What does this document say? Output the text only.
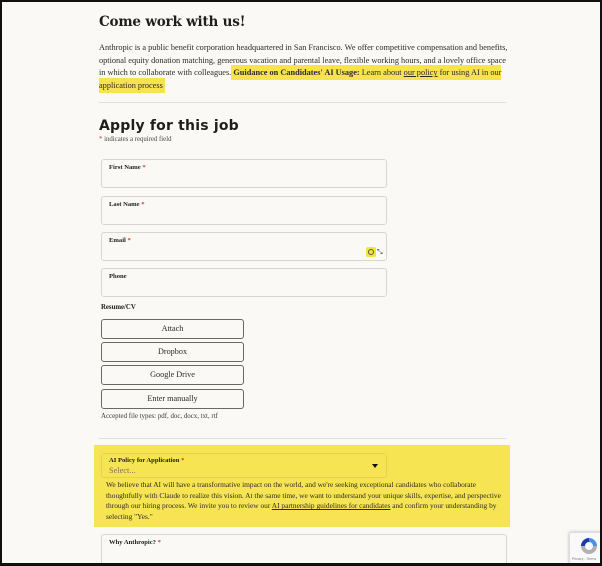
Come work with us!
Anthropic is a public benefit corporation headquartered in San Francisco. We offer competitive compensation and benefits, optional equity donation matching, generous vacation and parental leave, flexible working hours, and a lovely office space in which to collaborate with colleagues. Guidance on Candidates' AI Usage: Learn about our policy for using AI in our application process
Apply for this job
* indicates a required field
First Name *
Last Name *
Email *
⤡
Phone
Resume/CV
Attach
Dropbox
Google Drive
Enter manually
Accepted file types: pdf, doc, docx, txt, rtf
AI Policy for Application *
Select...
We believe that AI will have a transformative impact on the world, and we're seeking exceptional candidates who collaborate thoughtfully with Claude to realize this vision. At the same time, we want to understand your unique skills, expertise, and perspective through our hiring process. We invite you to review our AI partnership guidelines for candidates and confirm your understanding by selecting "Yes."
Why Anthropic? *
Privacy - Terms
